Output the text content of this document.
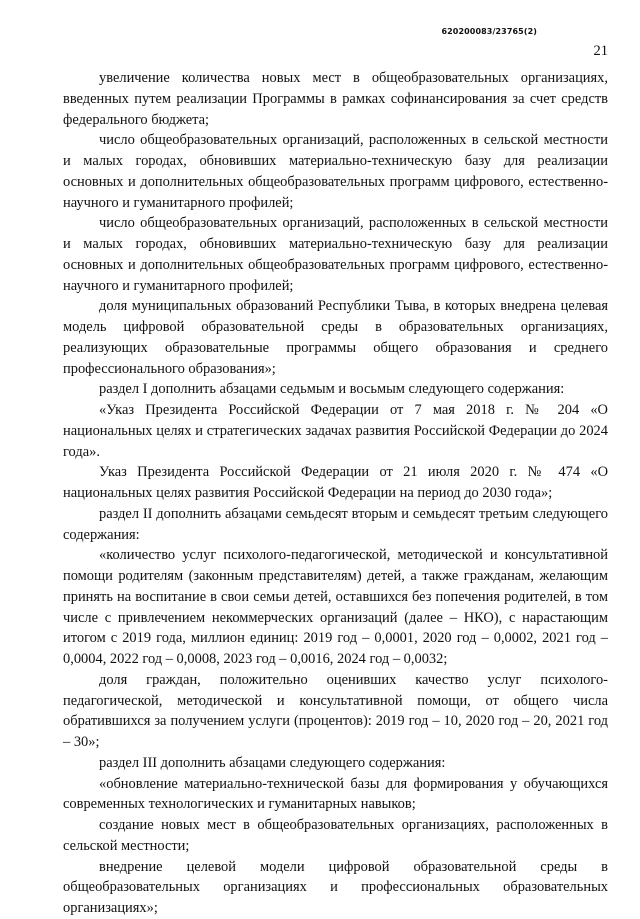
620200083/23765(2)
21

увеличение количества новых мест в общеобразовательных организациях, введенных путем реализации Программы в рамках софинансирования за счет средств федерального бюджета;

число общеобразовательных организаций, расположенных в сельской местности и малых городах, обновивших материально-техническую базу для реализации основных и дополнительных общеобразовательных программ цифрового, естественно-научного и гуманитарного профилей;

число общеобразовательных организаций, расположенных в сельской местности и малых городах, обновивших материально-техническую базу для реализации основных и дополнительных общеобразовательных программ цифрового, естественно-научного и гуманитарного профилей;

доля муниципальных образований Республики Тыва, в которых внедрена целевая модель цифровой образовательной среды в образовательных организациях, реализующих образовательные программы общего образования и среднего профессионального образования»;

раздел I дополнить абзацами седьмым и восьмым следующего содержания:

«Указ Президента Российской Федерации от 7 мая 2018 г. № 204 «О национальных целях и стратегических задачах развития Российской Федерации до 2024 года».

Указ Президента Российской Федерации от 21 июля 2020 г. № 474 «О национальных целях развития Российской Федерации на период до 2030 года»;

раздел II дополнить абзацами семьдесят вторым и семьдесят третьим следующего содержания:

«количество услуг психолого-педагогической, методической и консультативной помощи родителям (законным представителям) детей, а также гражданам, желающим принять на воспитание в свои семьи детей, оставшихся без попечения родителей, в том числе с привлечением некоммерческих организаций (далее – НКО), с нарастающим итогом с 2019 года, миллион единиц: 2019 год – 0,0001, 2020 год – 0,0002, 2021 год – 0,0004, 2022 год – 0,0008, 2023 год – 0,0016, 2024 год – 0,0032;

доля граждан, положительно оценивших качество услуг психолого-педагогической, методической и консультативной помощи, от общего числа обратившихся за получением услуги (процентов): 2019 год – 10, 2020 год – 20, 2021 год – 30»;

раздел III дополнить абзацами следующего содержания:

«обновление материально-технической базы для формирования у обучающихся современных технологических и гуманитарных навыков;

создание новых мест в общеобразовательных организациях, расположенных в сельской местности;

внедрение целевой модели цифровой образовательной среды в общеобразовательных организациях и профессиональных образовательных организациях»;
